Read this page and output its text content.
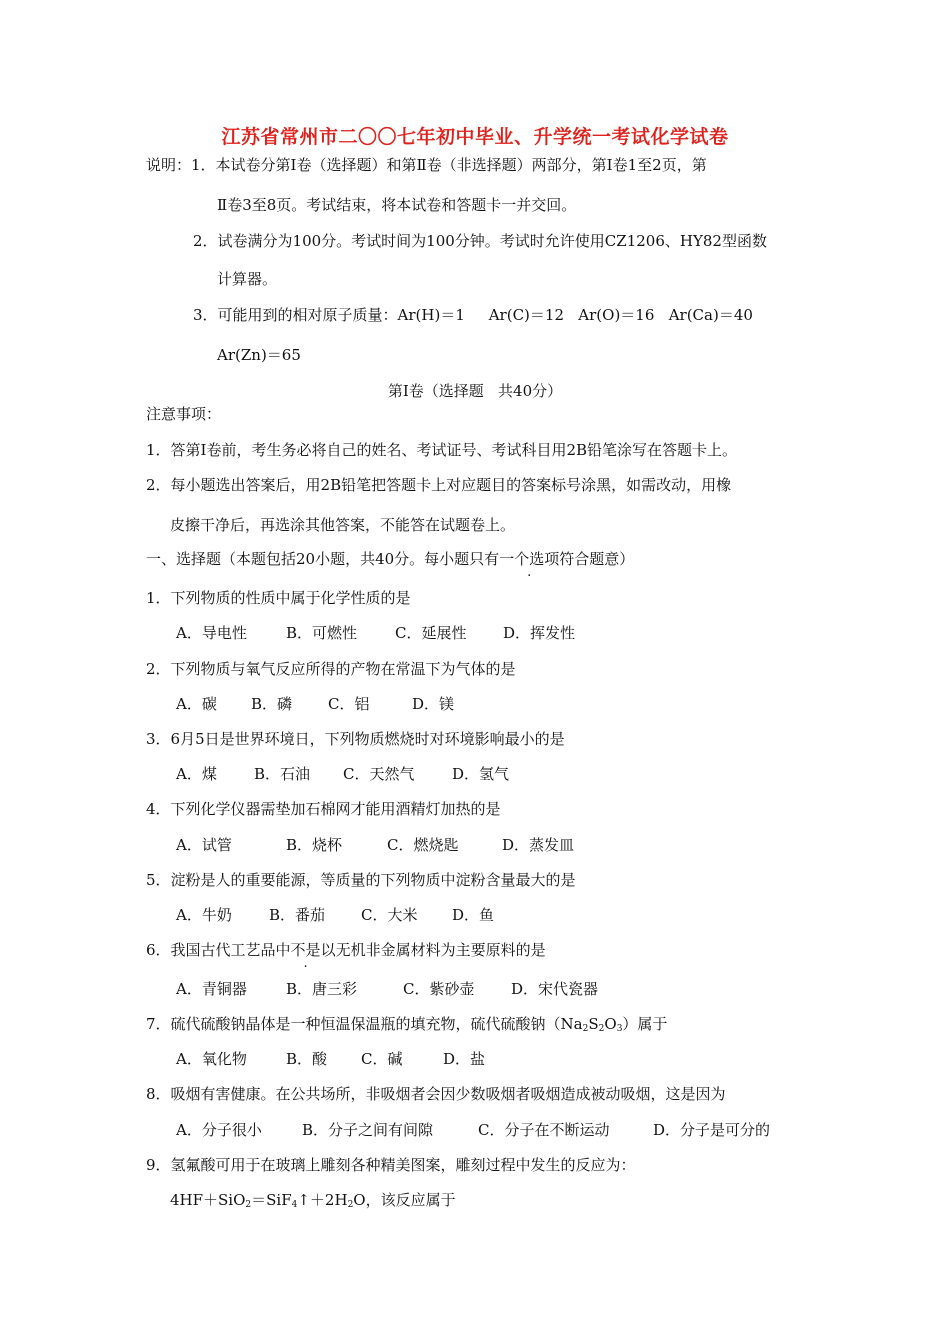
江苏省常州市二〇〇七年初中毕业、升学统一考试化学试卷
说明：1．本试卷分第Ⅰ卷（选择题）和第Ⅱ卷（非选择题）两部分，第Ⅰ卷1至2页，第
Ⅱ卷3至8页。考试结束，将本试卷和答题卡一并交回。
2．试卷满分为100分。考试时间为100分钟。考试时允许使用CZ1206、HY82型函数
计算器。
3．可能用到的相对原子质量：Ar(H)＝1     Ar(C)＝12   Ar(O)＝16   Ar(Ca)＝40
Ar(Zn)＝65
第Ⅰ卷（选择题   共40分）
注意事项：
1．答第Ⅰ卷前，考生务必将自己的姓名、考试证号、考试科目用2B铅笔涂写在答题卡上。
2．每小题选出答案后，用2B铅笔把答题卡上对应题目的答案标号涂黑，如需改动，用橡
皮擦干净后，再选涂其他答案，不能答在试题卷上。
一、选择题（本题包括20小题，共40分。每小题只有一个选项符合题意）
1．下列物质的性质中属于化学性质的是
A．导电性	B．可燃性	C．延展性 D．挥发性
2．下列物质与氧气反应所得的产物在常温下为气体的是
A．碳 B．磷 C．铝	D．镁
3．6月5日是世界环境日，下列物质燃烧时对环境影响最小的是
A．煤 B．石油 C．天然气	D．氢气
4．下列化学仪器需垫加石棉网才能用酒精灯加热的是
A．试管	B．烧杯	C．燃烧匙	D．蒸发皿
5．淀粉是人的重要能源，等质量的下列物质中淀粉含量最大的是
A．牛奶 B．番茄 C．大米 D．鱼
6．我国古代工艺品中不是以无机非金属材料为主要原料的是
A．青铜器	B．唐三彩	C．紫砂壶 D．宋代瓷器
7．硫代硫酸钠晶体是一种恒温保温瓶的填充物，硫代硫酸钠$(Na_2S_2O_3)$属于
A．氧化物	B．酸 C．碱	D．盐
8．吸烟有害健康。在公共场所，非吸烟者会因少数吸烟者吸烟造成被动吸烟，这是因为
A．分子很小	B．分子之间有间隙	C．分子在不断运动	D．分子是可分的
9．氢氟酸可用于在玻璃上雕刻各种精美图案，雕刻过程中发生的反应为：
$4HF+SiO_2=SiF_4↑+2H_2O$，该反应属于
